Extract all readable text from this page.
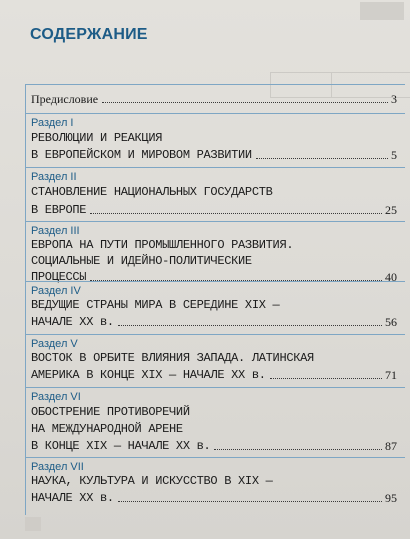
СОДЕРЖАНИЕ
Предисловие	3
Раздел I
РЕВОЛЮЦИИ И РЕАКЦИЯ
В ЕВРОПЕЙСКОМ И МИРОВОМ РАЗВИТИИ	5
Раздел II
СТАНОВЛЕНИЕ НАЦИОНАЛЬНЫХ ГОСУДАРСТВ
В ЕВРОПЕ	25
Раздел III
ЕВРОПА НА ПУТИ ПРОМЫШЛЕННОГО РАЗВИТИЯ.
СОЦИАЛЬНЫЕ И ИДЕЙНО-ПОЛИТИЧЕСКИЕ
ПРОЦЕССЫ	40
Раздел IV
ВЕДУЩИЕ СТРАНЫ МИРА В СЕРЕДИНЕ XIX —
НАЧАЛЕ XX в.	56
Раздел V
ВОСТОК В ОРБИТЕ ВЛИЯНИЯ ЗАПАДА. ЛАТИНСКАЯ
АМЕРИКА В КОНЦЕ XIX — НАЧАЛЕ XX в.	71
Раздел VI
ОБОСТРЕНИЕ ПРОТИВОРЕЧИЙ
НА МЕЖДУНАРОДНОЙ АРЕНЕ
В КОНЦЕ XIX — НАЧАЛЕ XX в.	87
Раздел VII
НАУКА, КУЛЬТУРА И ИСКУССТВО В XIX —
НАЧАЛЕ XX в.	95
